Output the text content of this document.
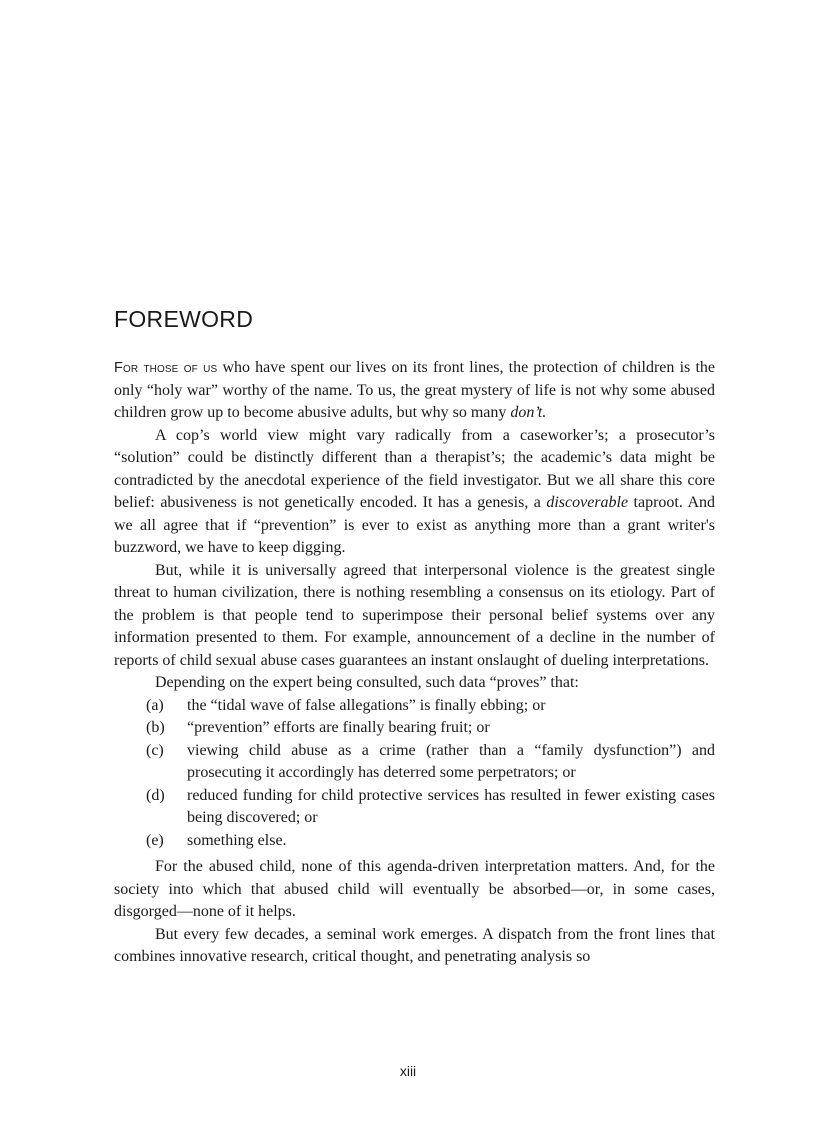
FOREWORD

For those of us who have spent our lives on its front lines, the protection of children is the only “holy war” worthy of the name. To us, the great mystery of life is not why some abused children grow up to become abusive adults, but why so many don’t.

A cop’s world view might vary radically from a caseworker’s; a prosecutor’s “solution” could be distinctly different than a therapist’s; the academic’s data might be contradicted by the anecdotal experience of the field investigator. But we all share this core belief: abusiveness is not genetically encoded. It has a genesis, a discoverable taproot. And we all agree that if “prevention” is ever to exist as anything more than a grant writer's buzzword, we have to keep digging.

But, while it is universally agreed that interpersonal violence is the greatest single threat to human civilization, there is nothing resembling a consensus on its etiology. Part of the problem is that people tend to superimpose their personal belief systems over any information presented to them. For example, announcement of a decline in the number of reports of child sexual abuse cases guarantees an instant onslaught of dueling interpretations.

Depending on the expert being consulted, such data “proves” that:

(a)	the “tidal wave of false allegations” is finally ebbing; or
(b)	“prevention” efforts are finally bearing fruit; or
(c)	viewing child abuse as a crime (rather than a “family dysfunction”) and prosecuting it accordingly has deterred some perpetrators; or
(d)	reduced funding for child protective services has resulted in fewer existing cases being discovered; or
(e)	something else.

For the abused child, none of this agenda-driven interpretation matters. And, for the society into which that abused child will eventually be absorbed—or, in some cases, disgorged—none of it helps.

But every few decades, a seminal work emerges. A dispatch from the front lines that combines innovative research, critical thought, and penetrating analysis so

xiii
